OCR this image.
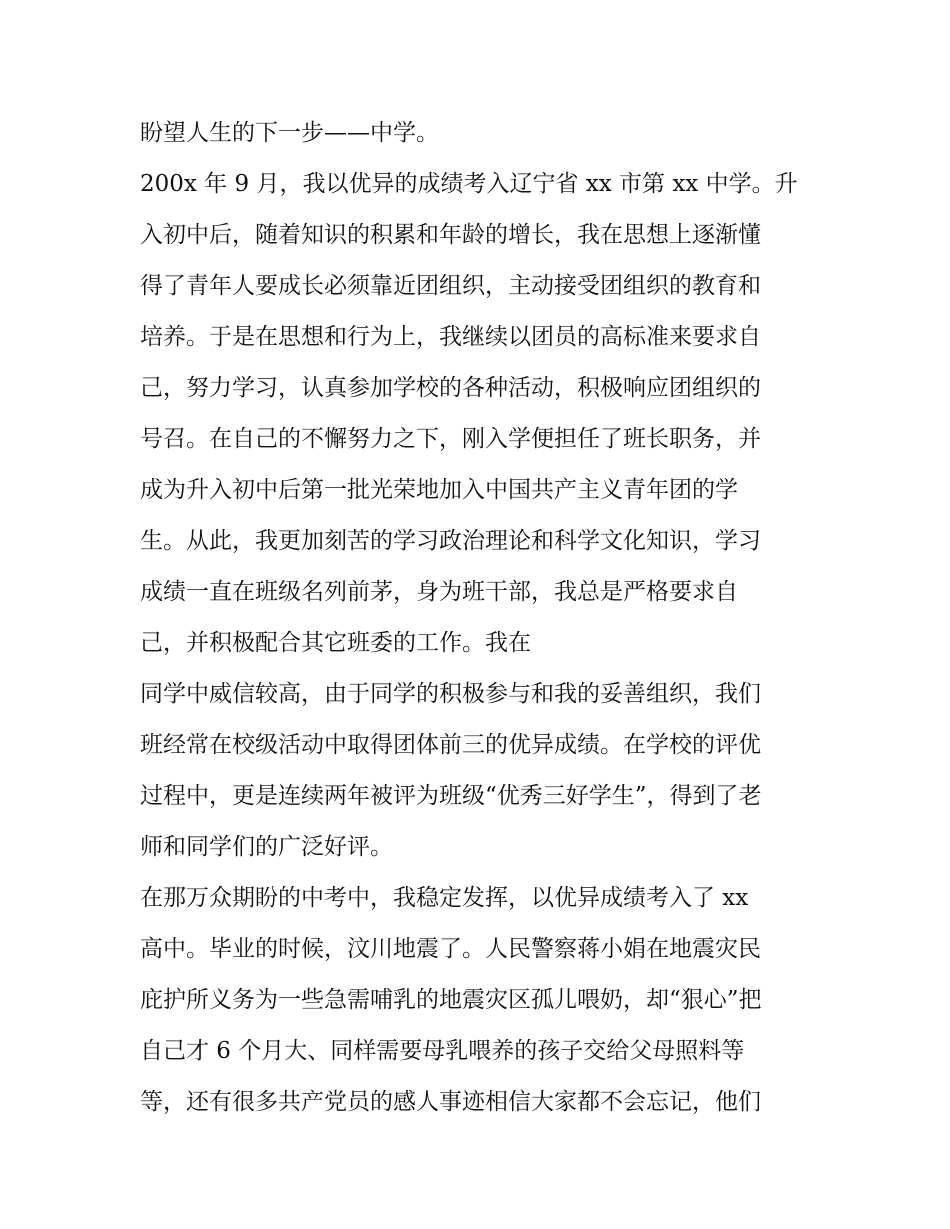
盼望人生的下一步——中学。
200x 年 9 月，我以优异的成绩考入辽宁省 xx 市第 xx 中学。升
入初中后，随着知识的积累和年龄的增长，我在思想上逐渐懂
得了青年人要成长必须靠近团组织，主动接受团组织的教育和
培养。于是在思想和行为上，我继续以团员的高标准来要求自
己，努力学习，认真参加学校的各种活动，积极响应团组织的
号召。在自己的不懈努力之下，刚入学便担任了班长职务，并
成为升入初中后第一批光荣地加入中国共产主义青年团的学
生。从此，我更加刻苦的学习政治理论和科学文化知识，学习
成绩一直在班级名列前茅，身为班干部，我总是严格要求自
己，并积极配合其它班委的工作。我在
同学中威信较高，由于同学的积极参与和我的妥善组织，我们
班经常在校级活动中取得团体前三的优异成绩。在学校的评优
过程中，更是连续两年被评为班级“优秀三好学生”，得到了老
师和同学们的广泛好评。
在那万众期盼的中考中，我稳定发挥，以优异成绩考入了 xx
高中。毕业的时候，汶川地震了。人民警察蒋小娟在地震灾民
庇护所义务为一些急需哺乳的地震灾区孤儿喂奶，却“狠心”把
自己才 6 个月大、同样需要母乳喂养的孩子交给父母照料等
等，还有很多共产党员的感人事迹相信大家都不会忘记，他们
